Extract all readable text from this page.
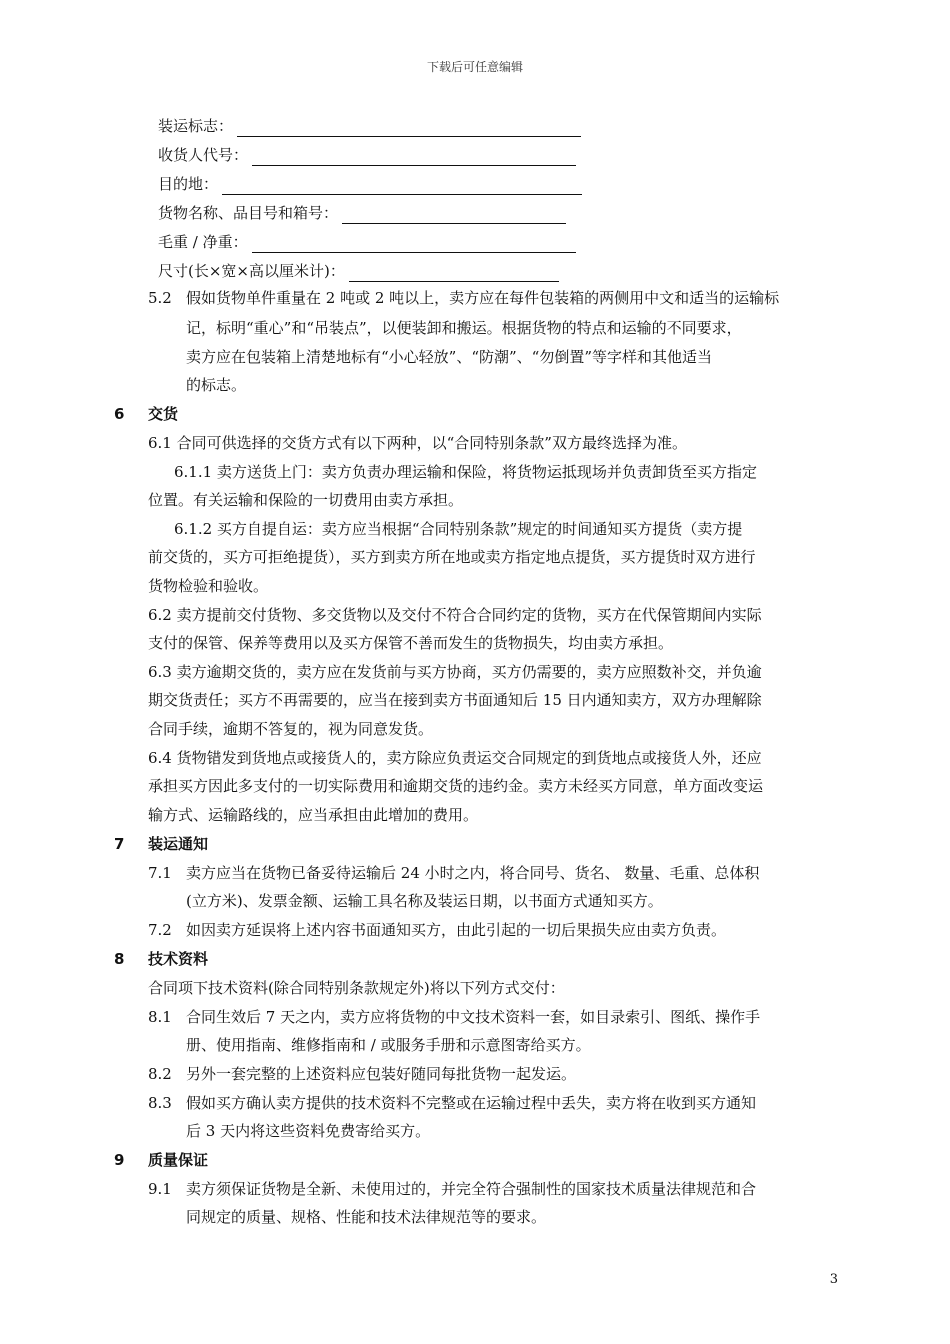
下载后可任意编辑
装运标志：
收货人代号：
目的地：
货物名称、品目号和箱号：
毛重 / 净重：
尺寸(长×宽×高以厘米计)：
5.2 假如货物单件重量在 2 吨或 2 吨以上，卖方应在每件包装箱的两侧用中文和适当的运输标
记，标明“重心”和“吊装点”，以便装卸和搬运。根据货物的特点和运输的不同要求，
卖方应在包装箱上清楚地标有“小心轻放”、“防潮”、“勿倒置”等字样和其他适当
的标志。
6 交货
6.1 合同可供选择的交货方式有以下两种，以“合同特别条款”双方最终选择为准。
6.1.1 卖方送货上门：卖方负责办理运输和保险，将货物运抵现场并负责卸货至买方指定
位置。有关运输和保险的一切费用由卖方承担。
6.1.2 买方自提自运：卖方应当根据“合同特别条款”规定的时间通知买方提货（卖方提
前交货的，买方可拒绝提货），买方到卖方所在地或卖方指定地点提货，买方提货时双方进行
货物检验和验收。
6.2 卖方提前交付货物、多交货物以及交付不符合合同约定的货物，买方在代保管期间内实际
支付的保管、保养等费用以及买方保管不善而发生的货物损失，均由卖方承担。
6.3 卖方逾期交货的，卖方应在发货前与买方协商，买方仍需要的，卖方应照数补交，并负逾
期交货责任；买方不再需要的，应当在接到卖方书面通知后 15 日内通知卖方，双方办理解除
合同手续，逾期不答复的，视为同意发货。
6.4 货物错发到货地点或接货人的，卖方除应负责运交合同规定的到货地点或接货人外，还应
承担买方因此多支付的一切实际费用和逾期交货的违约金。卖方未经买方同意，单方面改变运
输方式、运输路线的，应当承担由此增加的费用。
7 装运通知
7.1 卖方应当在货物已备妥待运输后 24 小时之内，将合同号、货名、 数量、毛重、总体积
(立方米)、发票金额、运输工具名称及装运日期，以书面方式通知买方。
7.2 如因卖方延误将上述内容书面通知买方，由此引起的一切后果损失应由卖方负责。
8 技术资料
合同项下技术资料(除合同特别条款规定外)将以下列方式交付：
8.1 合同生效后 7 天之内，卖方应将货物的中文技术资料一套，如目录索引、图纸、操作手
册、使用指南、维修指南和 / 或服务手册和示意图寄给买方。
8.2 另外一套完整的上述资料应包装好随同每批货物一起发运。
8.3 假如买方确认卖方提供的技术资料不完整或在运输过程中丢失，卖方将在收到买方通知
后 3 天内将这些资料免费寄给买方。
9 质量保证
9.1 卖方须保证货物是全新、未使用过的，并完全符合强制性的国家技术质量法律规范和合
同规定的质量、规格、性能和技术法律规范等的要求。
3
